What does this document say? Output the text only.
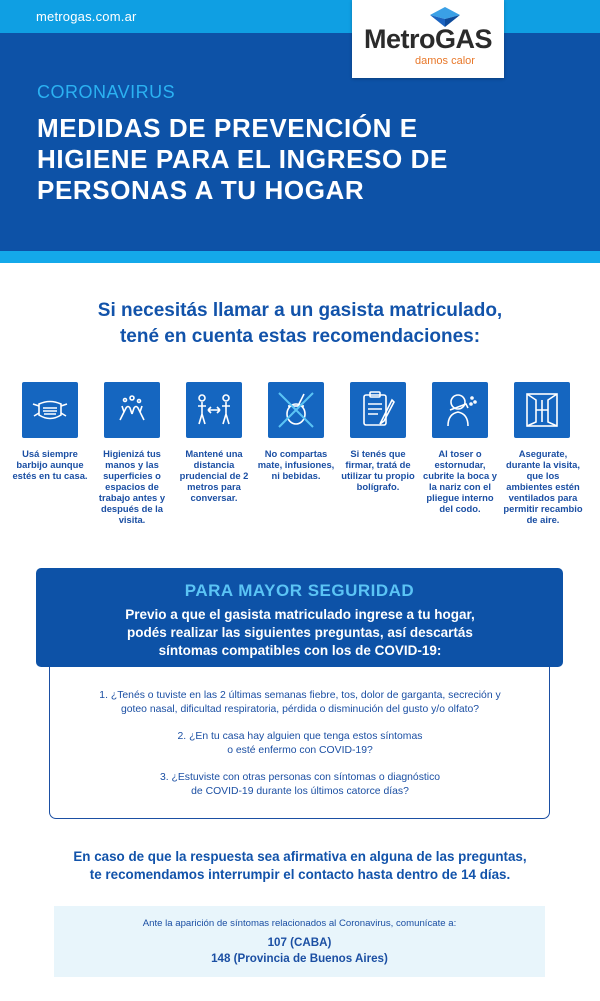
metrogas.com.ar
MetroGAS
damos calor
CORONAVIRUS
MEDIDAS DE PREVENCIÓN E HIGIENE PARA EL INGRESO DE PERSONAS A TU HOGAR
Si necesitás llamar a un gasista matriculado,
tené en cuenta estas recomendaciones:
Usá siempre barbijo aunque estés en tu casa.
Higienizá tus manos y las superficies o espacios de trabajo antes y después de la visita.
Mantené una distancia prudencial de 2 metros para conversar.
No compartas mate, infusiones, ni bebidas.
Si tenés que firmar, tratá de utilizar tu propio bolígrafo.
Al toser o estornudar, cubrite la boca y la nariz con el pliegue interno del codo.
Asegurate, durante la visita, que los ambientes estén ventilados para permitir recambio de aire.
PARA MAYOR SEGURIDAD
Previo a que el gasista matriculado ingrese a tu hogar,
podés realizar las siguientes preguntas, así descartás
síntomas compatibles con los de COVID-19:
1. ¿Tenés o tuviste en las 2 últimas semanas fiebre, tos, dolor de garganta, secreción y
goteo nasal, dificultad respiratoria, pérdida o disminución del gusto y/o olfato?
2. ¿En tu casa hay alguien que tenga estos síntomas
o esté enfermo con COVID-19?
3. ¿Estuviste con otras personas con síntomas o diagnóstico
de COVID-19 durante los últimos catorce días?
En caso de que la respuesta sea afirmativa en alguna de las preguntas,
te recomendamos interrumpir el contacto hasta dentro de 14 días.
Ante la aparición de síntomas relacionados al Coronavirus, comunícate a:
107 (CABA)
148 (Provincia de Buenos Aires)
